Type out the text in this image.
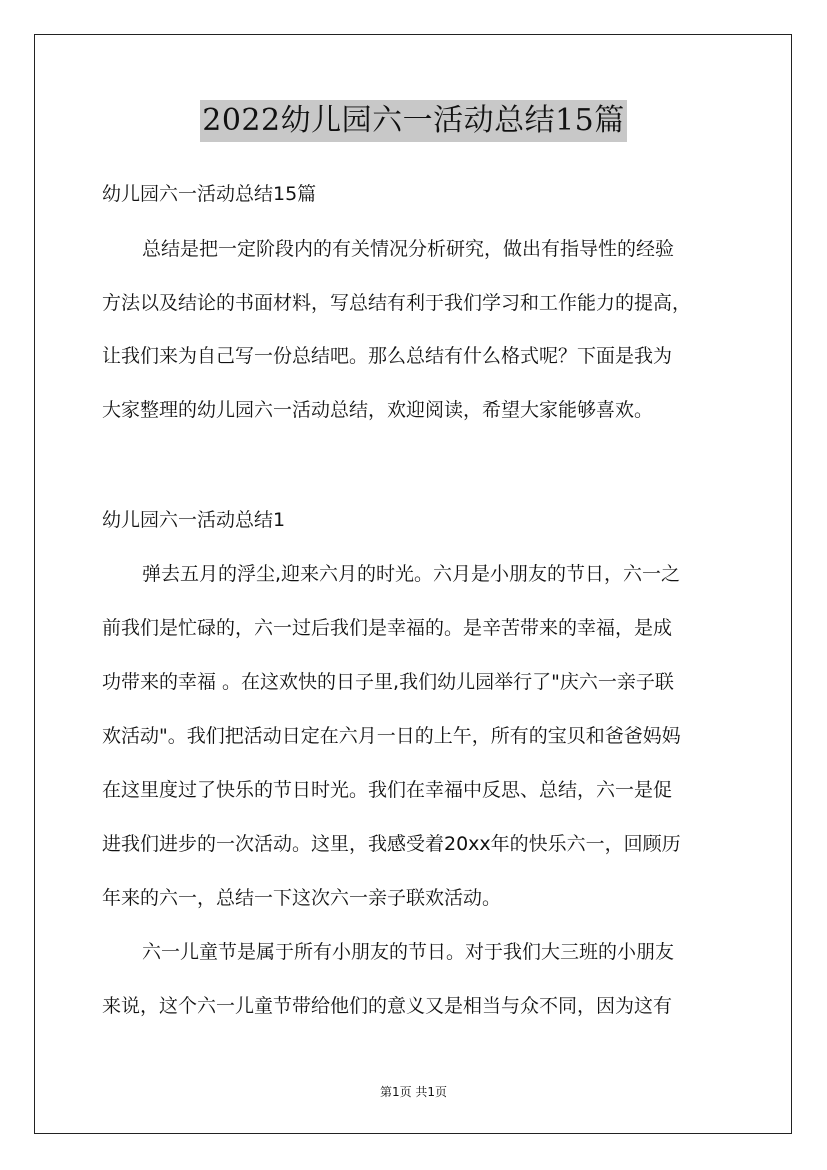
2022幼儿园六一活动总结15篇
幼儿园六一活动总结15篇
总结是把一定阶段内的有关情况分析研究，做出有指导性的经验
方法以及结论的书面材料，写总结有利于我们学习和工作能力的提高，
让我们来为自己写一份总结吧。那么总结有什么格式呢？下面是我为
大家整理的幼儿园六一活动总结，欢迎阅读，希望大家能够喜欢。
幼儿园六一活动总结1
弹去五月的浮尘,迎来六月的时光。六月是小朋友的节日，六一之
前我们是忙碌的，六一过后我们是幸福的。是辛苦带来的幸福，是成
功带来的幸福 。在这欢快的日子里,我们幼儿园举行了"庆六一亲子联
欢活动"。我们把活动日定在六月一日的上午，所有的宝贝和爸爸妈妈
在这里度过了快乐的节日时光。我们在幸福中反思、总结，六一是促
进我们进步的一次活动。这里，我感受着20xx年的快乐六一，回顾历
年来的六一，总结一下这次六一亲子联欢活动。
六一儿童节是属于所有小朋友的节日。对于我们大三班的小朋友
来说，这个六一儿童节带给他们的意义又是相当与众不同，因为这有
第1页 共1页
